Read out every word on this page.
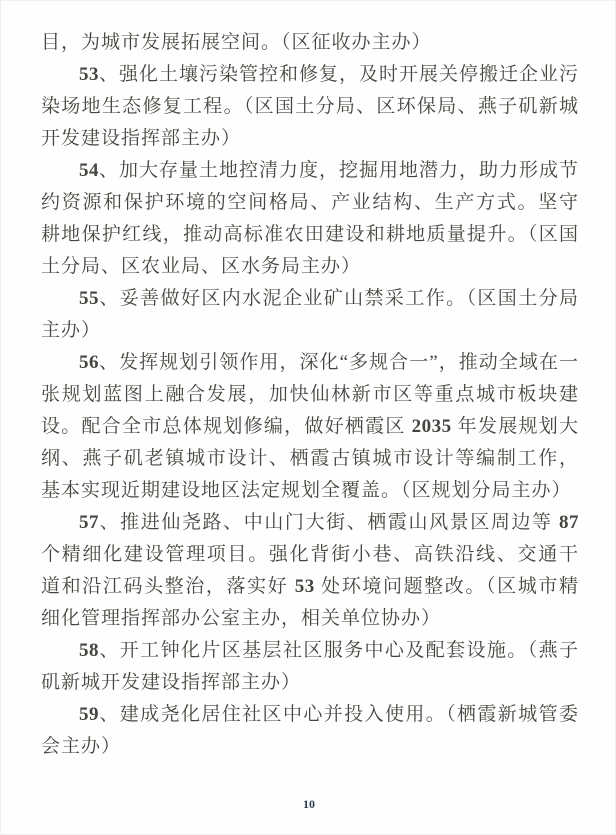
目，为城市发展拓展空间。（区征收办主办）

53、强化土壤污染管控和修复，及时开展关停搬迁企业污染场地生态修复工程。（区国土分局、区环保局、燕子矶新城开发建设指挥部主办）

54、加大存量土地控清力度，挖掘用地潜力，助力形成节约资源和保护环境的空间格局、产业结构、生产方式。坚守耕地保护红线，推动高标准农田建设和耕地质量提升。（区国土分局、区农业局、区水务局主办）

55、妥善做好区内水泥企业矿山禁采工作。（区国土分局主办）

56、发挥规划引领作用，深化“多规合一”，推动全域在一张规划蓝图上融合发展，加快仙林新市区等重点城市板块建设。配合全市总体规划修编，做好栖霞区 2035 年发展规划大纲、燕子矶老镇城市设计、栖霞古镇城市设计等编制工作，基本实现近期建设地区法定规划全覆盖。（区规划分局主办）

57、推进仙尧路、中山门大街、栖霞山风景区周边等 87 个精细化建设管理项目。强化背街小巷、高铁沿线、交通干道和沿江码头整治，落实好 53 处环境问题整改。（区城市精细化管理指挥部办公室主办，相关单位协办）

58、开工钟化片区基层社区服务中心及配套设施。（燕子矶新城开发建设指挥部主办）

59、建成尧化居住社区中心并投入使用。（栖霞新城管委会主办）

10
